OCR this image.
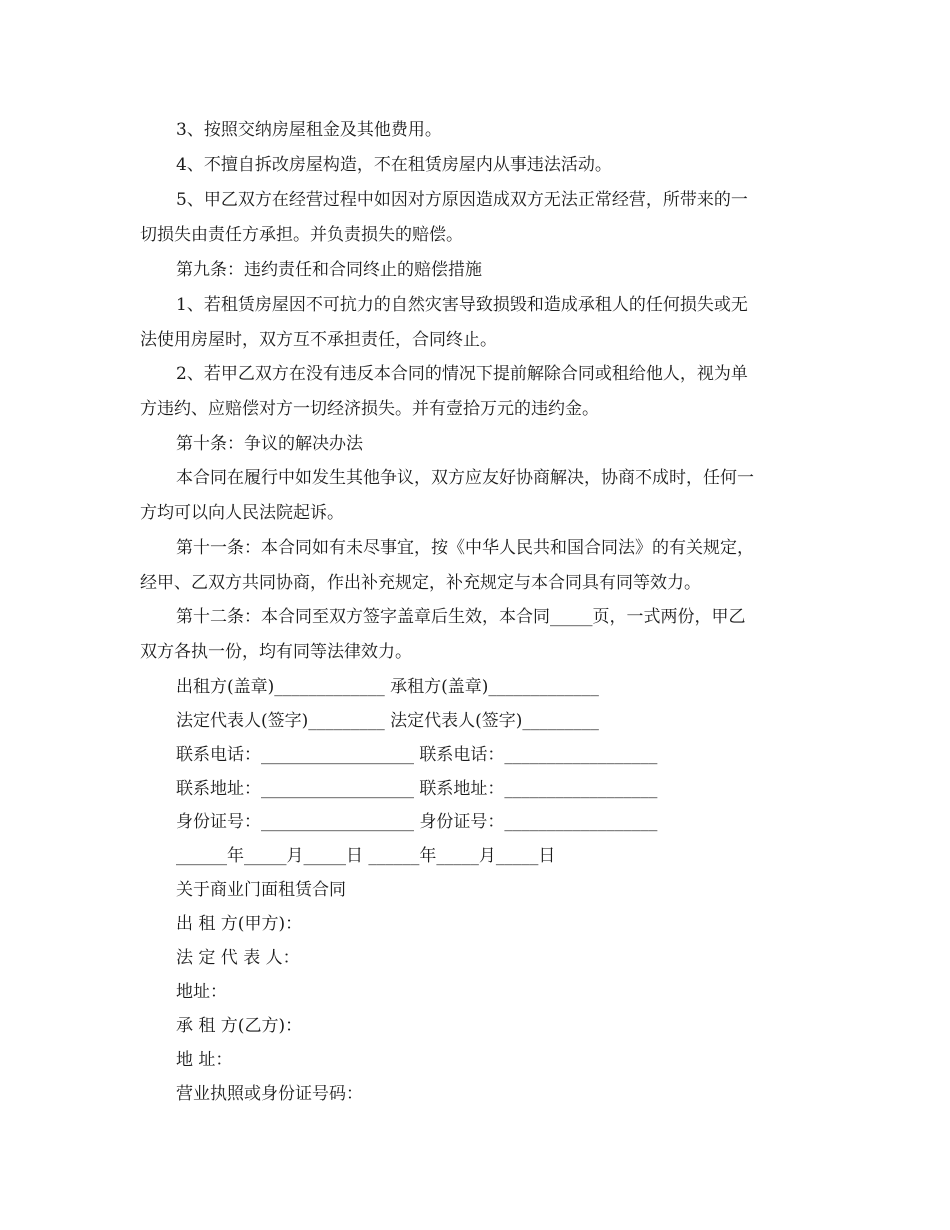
3、按照交纳房屋租金及其他费用。
4、不擅自拆改房屋构造，不在租赁房屋内从事违法活动。
5、甲乙双方在经营过程中如因对方原因造成双方无法正常经营，所带来的一
切损失由责任方承担。并负责损失的赔偿。
第九条：违约责任和合同终止的赔偿措施
1、若租赁房屋因不可抗力的自然灾害导致损毁和造成承租人的任何损失或无
法使用房屋时，双方互不承担责任，合同终止。
2、若甲乙双方在没有违反本合同的情况下提前解除合同或租给他人，视为单
方违约、应赔偿对方一切经济损失。并有壹拾万元的违约金。
第十条：争议的解决办法
本合同在履行中如发生其他争议，双方应友好协商解决，协商不成时，任何一
方均可以向人民法院起诉。
第十一条：本合同如有未尽事宜，按《中华人民共和国合同法》的有关规定，
经甲、乙双方共同协商，作出补充规定，补充规定与本合同具有同等效力。
第十二条：本合同至双方签字盖章后生效，本合同_____页，一式两份，甲乙
双方各执一份，均有同等法律效力。
出租方(盖章)_____________ 承租方(盖章)_____________
法定代表人(签字)_________ 法定代表人(签字)_________
联系电话：__________________ 联系电话：__________________
联系地址：__________________ 联系地址：__________________
身份证号：__________________ 身份证号：__________________
______年_____月_____日 ______年_____月_____日
关于商业门面租赁合同
出 租 方(甲方)：
法 定 代 表 人：
地址：
承 租 方(乙方)：
地 址：
营业执照或身份证号码：
